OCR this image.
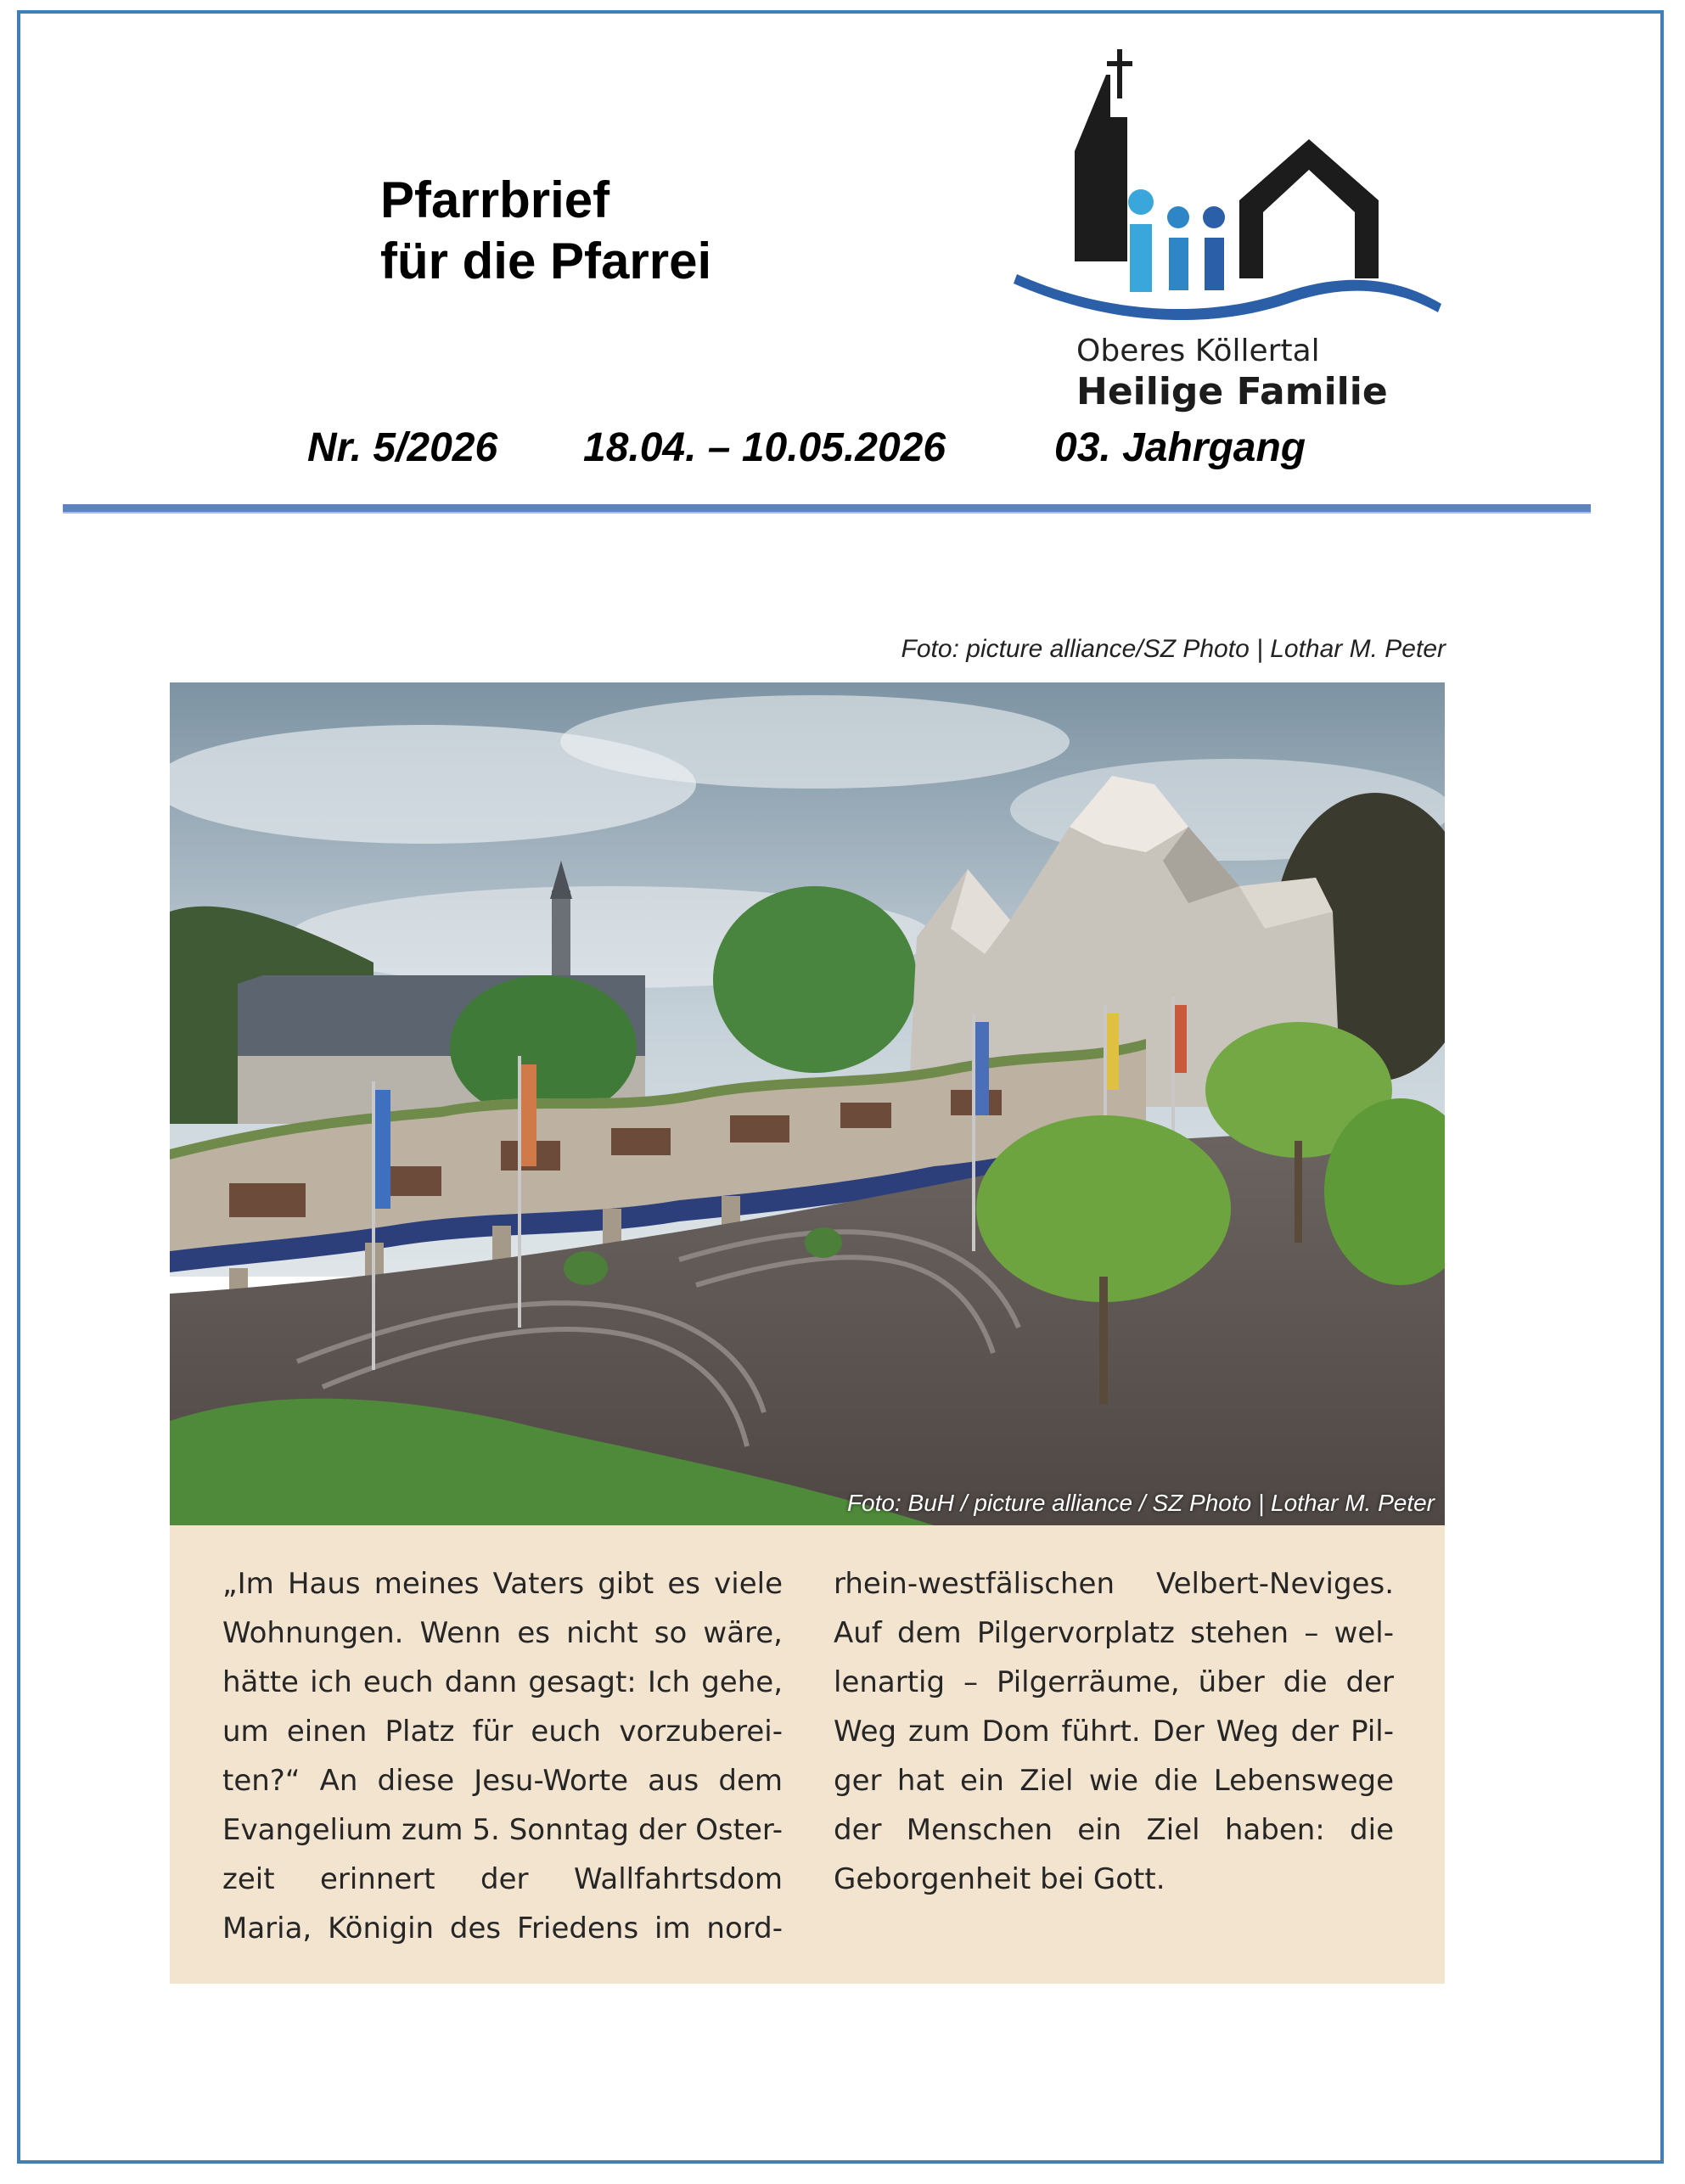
Pfarrbrief
für die Pfarrei
Oberes Köllertal
Heilige Familie
Nr. 5/2026 18.04. – 10.05.2026	03. Jahrgang
Foto: picture alliance/SZ Photo | Lothar M. Peter
Foto: BuH / picture alliance / SZ Photo | Lothar M. Peter
„Im Haus meines Vaters gibt es viele
Wohnungen. Wenn es nicht so wäre,
hätte ich euch dann gesagt: Ich gehe,
um einen Platz für euch vorzuberei-
ten?“ An diese Jesu-Worte aus dem
Evangelium zum 5. Sonntag der Oster-
zeit erinnert der Wallfahrtsdom
Maria, Königin des Friedens im nord-
rhein-westfälischen Velbert-Neviges.
Auf dem Pilgervorplatz stehen – wel-
lenartig – Pilgerräume, über die der
Weg zum Dom führt. Der Weg der Pil-
ger hat ein Ziel wie die Lebenswege
der Menschen ein Ziel haben: die
Geborgenheit bei Gott.
